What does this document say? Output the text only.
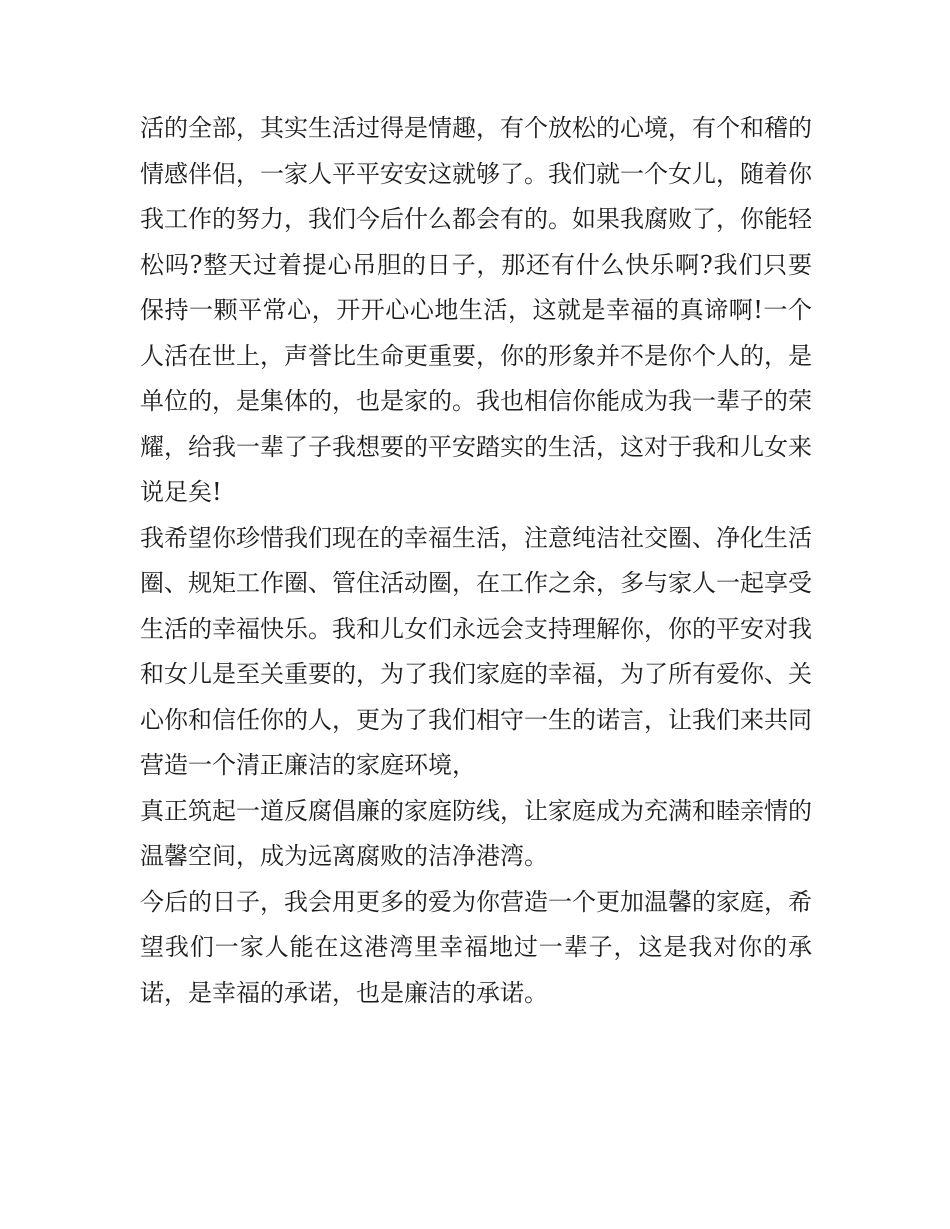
活的全部，其实生活过得是情趣，有个放松的心境，有个和稽的情感伴侣，一家人平平安安这就够了。我们就一个女儿，随着你我工作的努力，我们今后什么都会有的。如果我腐败了，你能轻松吗?整天过着提心吊胆的日子，那还有什么快乐啊?我们只要保持一颗平常心，开开心心地生活，这就是幸福的真谛啊!一个人活在世上，声誉比生命更重要，你的形象并不是你个人的，是单位的，是集体的，也是家的。我也相信你能成为我一辈子的荣耀，给我一辈了子我想要的平安踏实的生活，这对于我和儿女来说足矣!

我希望你珍惜我们现在的幸福生活，注意纯洁社交圈、净化生活圈、规矩工作圈、管住活动圈，在工作之余，多与家人一起享受生活的幸福快乐。我和儿女们永远会支持理解你，你的平安对我和女儿是至关重要的，为了我们家庭的幸福，为了所有爱你、关心你和信任你的人，更为了我们相守一生的诺言，让我们来共同营造一个清正廉洁的家庭环境，

真正筑起一道反腐倡廉的家庭防线，让家庭成为充满和睦亲情的温馨空间，成为远离腐败的洁净港湾。

今后的日子，我会用更多的爱为你营造一个更加温馨的家庭，希望我们一家人能在这港湾里幸福地过一辈子，这是我对你的承诺，是幸福的承诺，也是廉洁的承诺。
